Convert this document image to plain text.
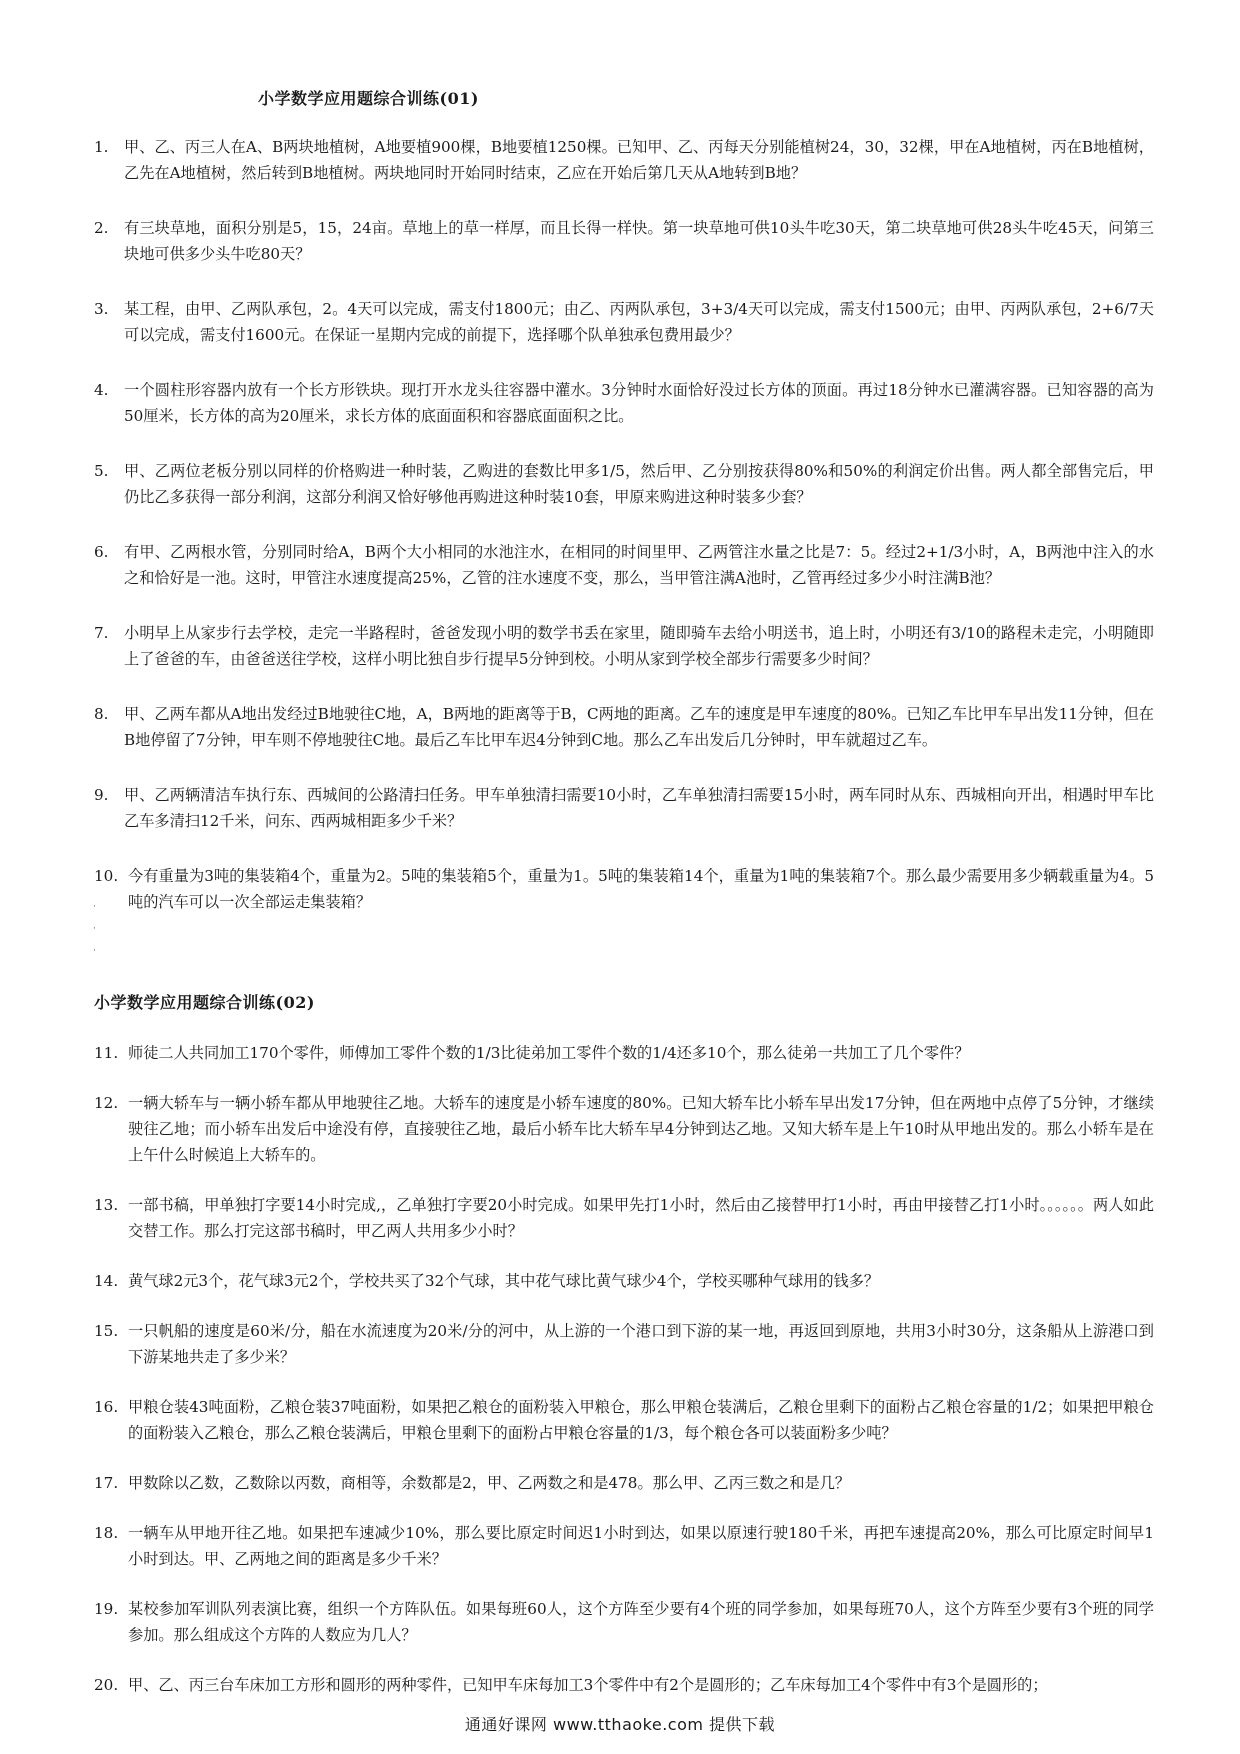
小学数学应用题综合训练(01)
1. 甲、乙、丙三人在A、B两块地植树，A地要植900棵，B地要植1250棵。已知甲、乙、丙每天分别能植树24，30，32棵，甲在A地植树，丙在B地植树，乙先在A地植树，然后转到B地植树。两块地同时开始同时结束，乙应在开始后第几天从A地转到B地？
2. 有三块草地，面积分别是5，15，24亩。草地上的草一样厚，而且长得一样快。第一块草地可供10头牛吃30天，第二块草地可供28头牛吃45天，问第三块地可供多少头牛吃80天？
3. 某工程，由甲、乙两队承包，2。4天可以完成，需支付1800元；由乙、丙两队承包，3+3/4天可以完成，需支付1500元；由甲、丙两队承包，2+6/7天可以完成，需支付1600元。在保证一星期内完成的前提下，选择哪个队单独承包费用最少？
4. 一个圆柱形容器内放有一个长方形铁块。现打开水龙头往容器中灌水。3分钟时水面恰好没过长方体的顶面。再过18分钟水已灌满容器。已知容器的高为50厘米，长方体的高为20厘米，求长方体的底面面积和容器底面面积之比。
5. 甲、乙两位老板分别以同样的价格购进一种时装，乙购进的套数比甲多1/5，然后甲、乙分别按获得80%和50%的利润定价出售。两人都全部售完后，甲仍比乙多获得一部分利润，这部分利润又恰好够他再购进这种时装10套，甲原来购进这种时装多少套？
6. 有甲、乙两根水管，分别同时给A，B两个大小相同的水池注水，在相同的时间里甲、乙两管注水量之比是7：5。经过2+1/3小时，A，B两池中注入的水之和恰好是一池。这时，甲管注水速度提高25%，乙管的注水速度不变，那么，当甲管注满A池时，乙管再经过多少小时注满B池？
7. 小明早上从家步行去学校，走完一半路程时，爸爸发现小明的数学书丢在家里，随即骑车去给小明送书，追上时，小明还有3/10的路程未走完，小明随即上了爸爸的车，由爸爸送往学校，这样小明比独自步行提早5分钟到校。小明从家到学校全部步行需要多少时间？
8. 甲、乙两车都从A地出发经过B地驶往C地，A，B两地的距离等于B，C两地的距离。乙车的速度是甲车速度的80%。已知乙车比甲车早出发11分钟，但在B地停留了7分钟，甲车则不停地驶往C地。最后乙车比甲车迟4分钟到C地。那么乙车出发后几分钟时，甲车就超过乙车。
9. 甲、乙两辆清洁车执行东、西城间的公路清扫任务。甲车单独清扫需要10小时，乙车单独清扫需要15小时，两车同时从东、西城相向开出，相遇时甲车比乙车多清扫12千米，问东、西两城相距多少千米？
10. 今有重量为3吨的集装箱4个，重量为2。5吨的集装箱5个，重量为1。5吨的集装箱14个，重量为1吨的集装箱7个。那么最少需要用多少辆载重量为4。5吨的汽车可以一次全部运走集装箱？
·
·
·
小学数学应用题综合训练(02)
11. 师徒二人共同加工170个零件，师傅加工零件个数的1/3比徒弟加工零件个数的1/4还多10个，那么徒弟一共加工了几个零件？
12. 一辆大轿车与一辆小轿车都从甲地驶往乙地。大轿车的速度是小轿车速度的80%。已知大轿车比小轿车早出发17分钟，但在两地中点停了5分钟，才继续驶往乙地；而小轿车出发后中途没有停，直接驶往乙地，最后小轿车比大轿车早4分钟到达乙地。又知大轿车是上午10时从甲地出发的。那么小轿车是在上午什么时候追上大轿车的。
13. 一部书稿，甲单独打字要14小时完成,，乙单独打字要20小时完成。如果甲先打1小时，然后由乙接替甲打1小时，再由甲接替乙打1小时。。。。。。两人如此交替工作。那么打完这部书稿时，甲乙两人共用多少小时？
14. 黄气球2元3个，花气球3元2个，学校共买了32个气球，其中花气球比黄气球少4个，学校买哪种气球用的钱多？
15. 一只帆船的速度是60米/分，船在水流速度为20米/分的河中，从上游的一个港口到下游的某一地，再返回到原地，共用3小时30分，这条船从上游港口到下游某地共走了多少米？
16. 甲粮仓装43吨面粉，乙粮仓装37吨面粉，如果把乙粮仓的面粉装入甲粮仓，那么甲粮仓装满后，乙粮仓里剩下的面粉占乙粮仓容量的1/2；如果把甲粮仓的面粉装入乙粮仓，那么乙粮仓装满后，甲粮仓里剩下的面粉占甲粮仓容量的1/3，每个粮仓各可以装面粉多少吨？
17. 甲数除以乙数，乙数除以丙数，商相等，余数都是2，甲、乙两数之和是478。那么甲、乙丙三数之和是几？
18. 一辆车从甲地开往乙地。如果把车速减少10%，那么要比原定时间迟1小时到达，如果以原速行驶180千米，再把车速提高20%，那么可比原定时间早1小时到达。甲、乙两地之间的距离是多少千米？
19. 某校参加军训队列表演比赛，组织一个方阵队伍。如果每班60人，这个方阵至少要有4个班的同学参加，如果每班70人，这个方阵至少要有3个班的同学参加。那么组成这个方阵的人数应为几人？
20. 甲、乙、丙三台车床加工方形和圆形的两种零件，已知甲车床每加工3个零件中有2个是圆形的；乙车床每加工4个零件中有3个是圆形的；
通通好课网 www.tthaoke.com 提供下载
